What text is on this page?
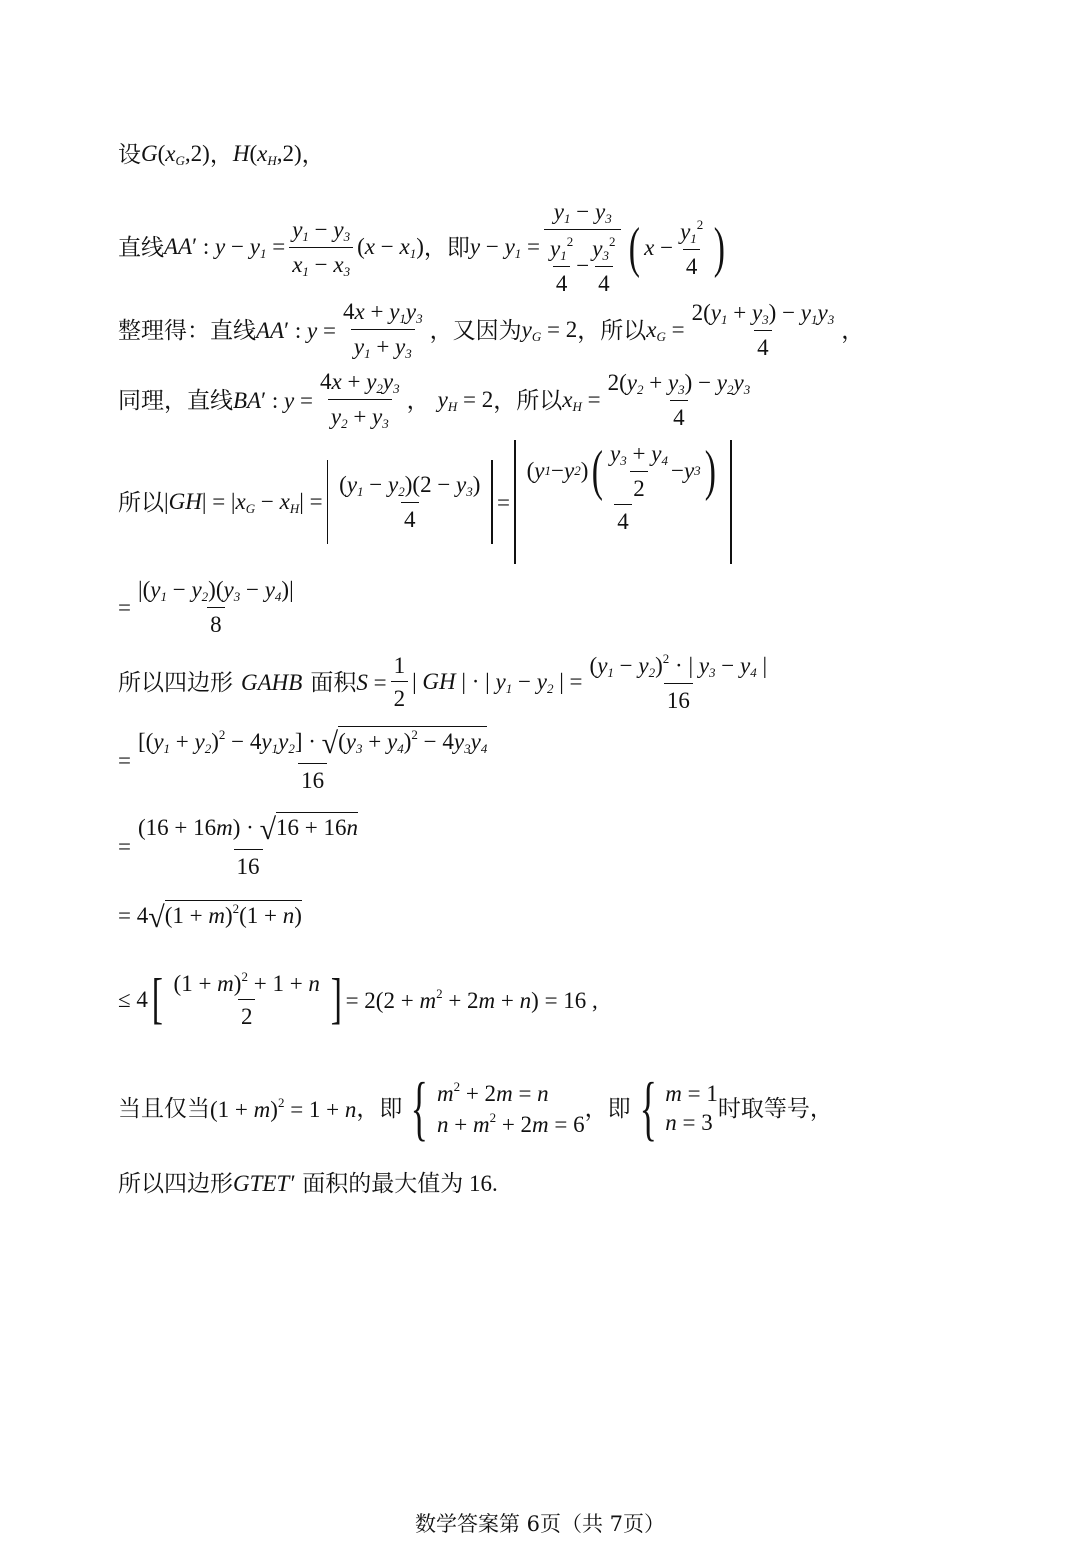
设 $G(x_G,2)$ ， $H(x_H,2)$ ，
直线 AA′ : $y - y_1 = \frac{y_1 - y_3}{x_1 - x_3} (x - x_1)$ ，即 $y - y_1 = \frac{y_1 - y_3}{\frac{y_1^2}{4} - \frac{y_3^2}{4}}$ ( $x - \frac{y_1^2}{4}$ )
整理得：直线 AA′ : $y = \frac{4x + y_1y_3}{y_1 + y_3}$ ，又因为 $y_G = 2$ ，所以 $x_G = \frac{2(y_1 + y_3) - y_1y_3}{4}$ ，
同理，直线 BA′ : $y = \frac{4x + y_2y_3}{y_2 + y_3}$ ， $y_H = 2$ ，所以 $x_H = \frac{2(y_2 + y_3) - y_2y_3}{4}$
所以 $|GH| = |x_G - x_H| = \frac{(y_1 - y_2)(2 - y_3)}{4} = \frac{( y 1 - y 2 ) ( \frac{y_3 + y_4}{2} - y 3 )}{4}$
= $\frac{|(y_1 - y_2)(y_3 - y_4)|}{8}$
所以四边形 GAHB 面积 $S = \frac{1}{2}$ | GH | · | $y_1 - y_2$ | = $\frac{(y_1 - y_2)^2 \cdot | y_3 - y_4 |}{16}$
= $\frac{[(y_1 + y_2)^2 - 4y_1y_2] \cdot √(y_3 + y_4)^2 - 4y_3y_4}{16}$
= $\frac{(16 + 16m) \cdot √16 + 16n}{16}$
= $4√(1 + m)^2(1 + n)$
≤ 4 [ $\frac{(1 + m)^2 + 1 + n}{2}$ ] = $2(2 + m^2 + 2m + n) = 16$ ,
当且仅当 $(1 + m)^2 = 1 + n$ ，即 { $m^2 + 2m = n$
$n + m^2 + 2m = 6$
，即 { m = 1
n = 3
时取等号，
所以四边形 GTET′ 面积的最大值为 16.
数学答案第 6页（共 7页）
